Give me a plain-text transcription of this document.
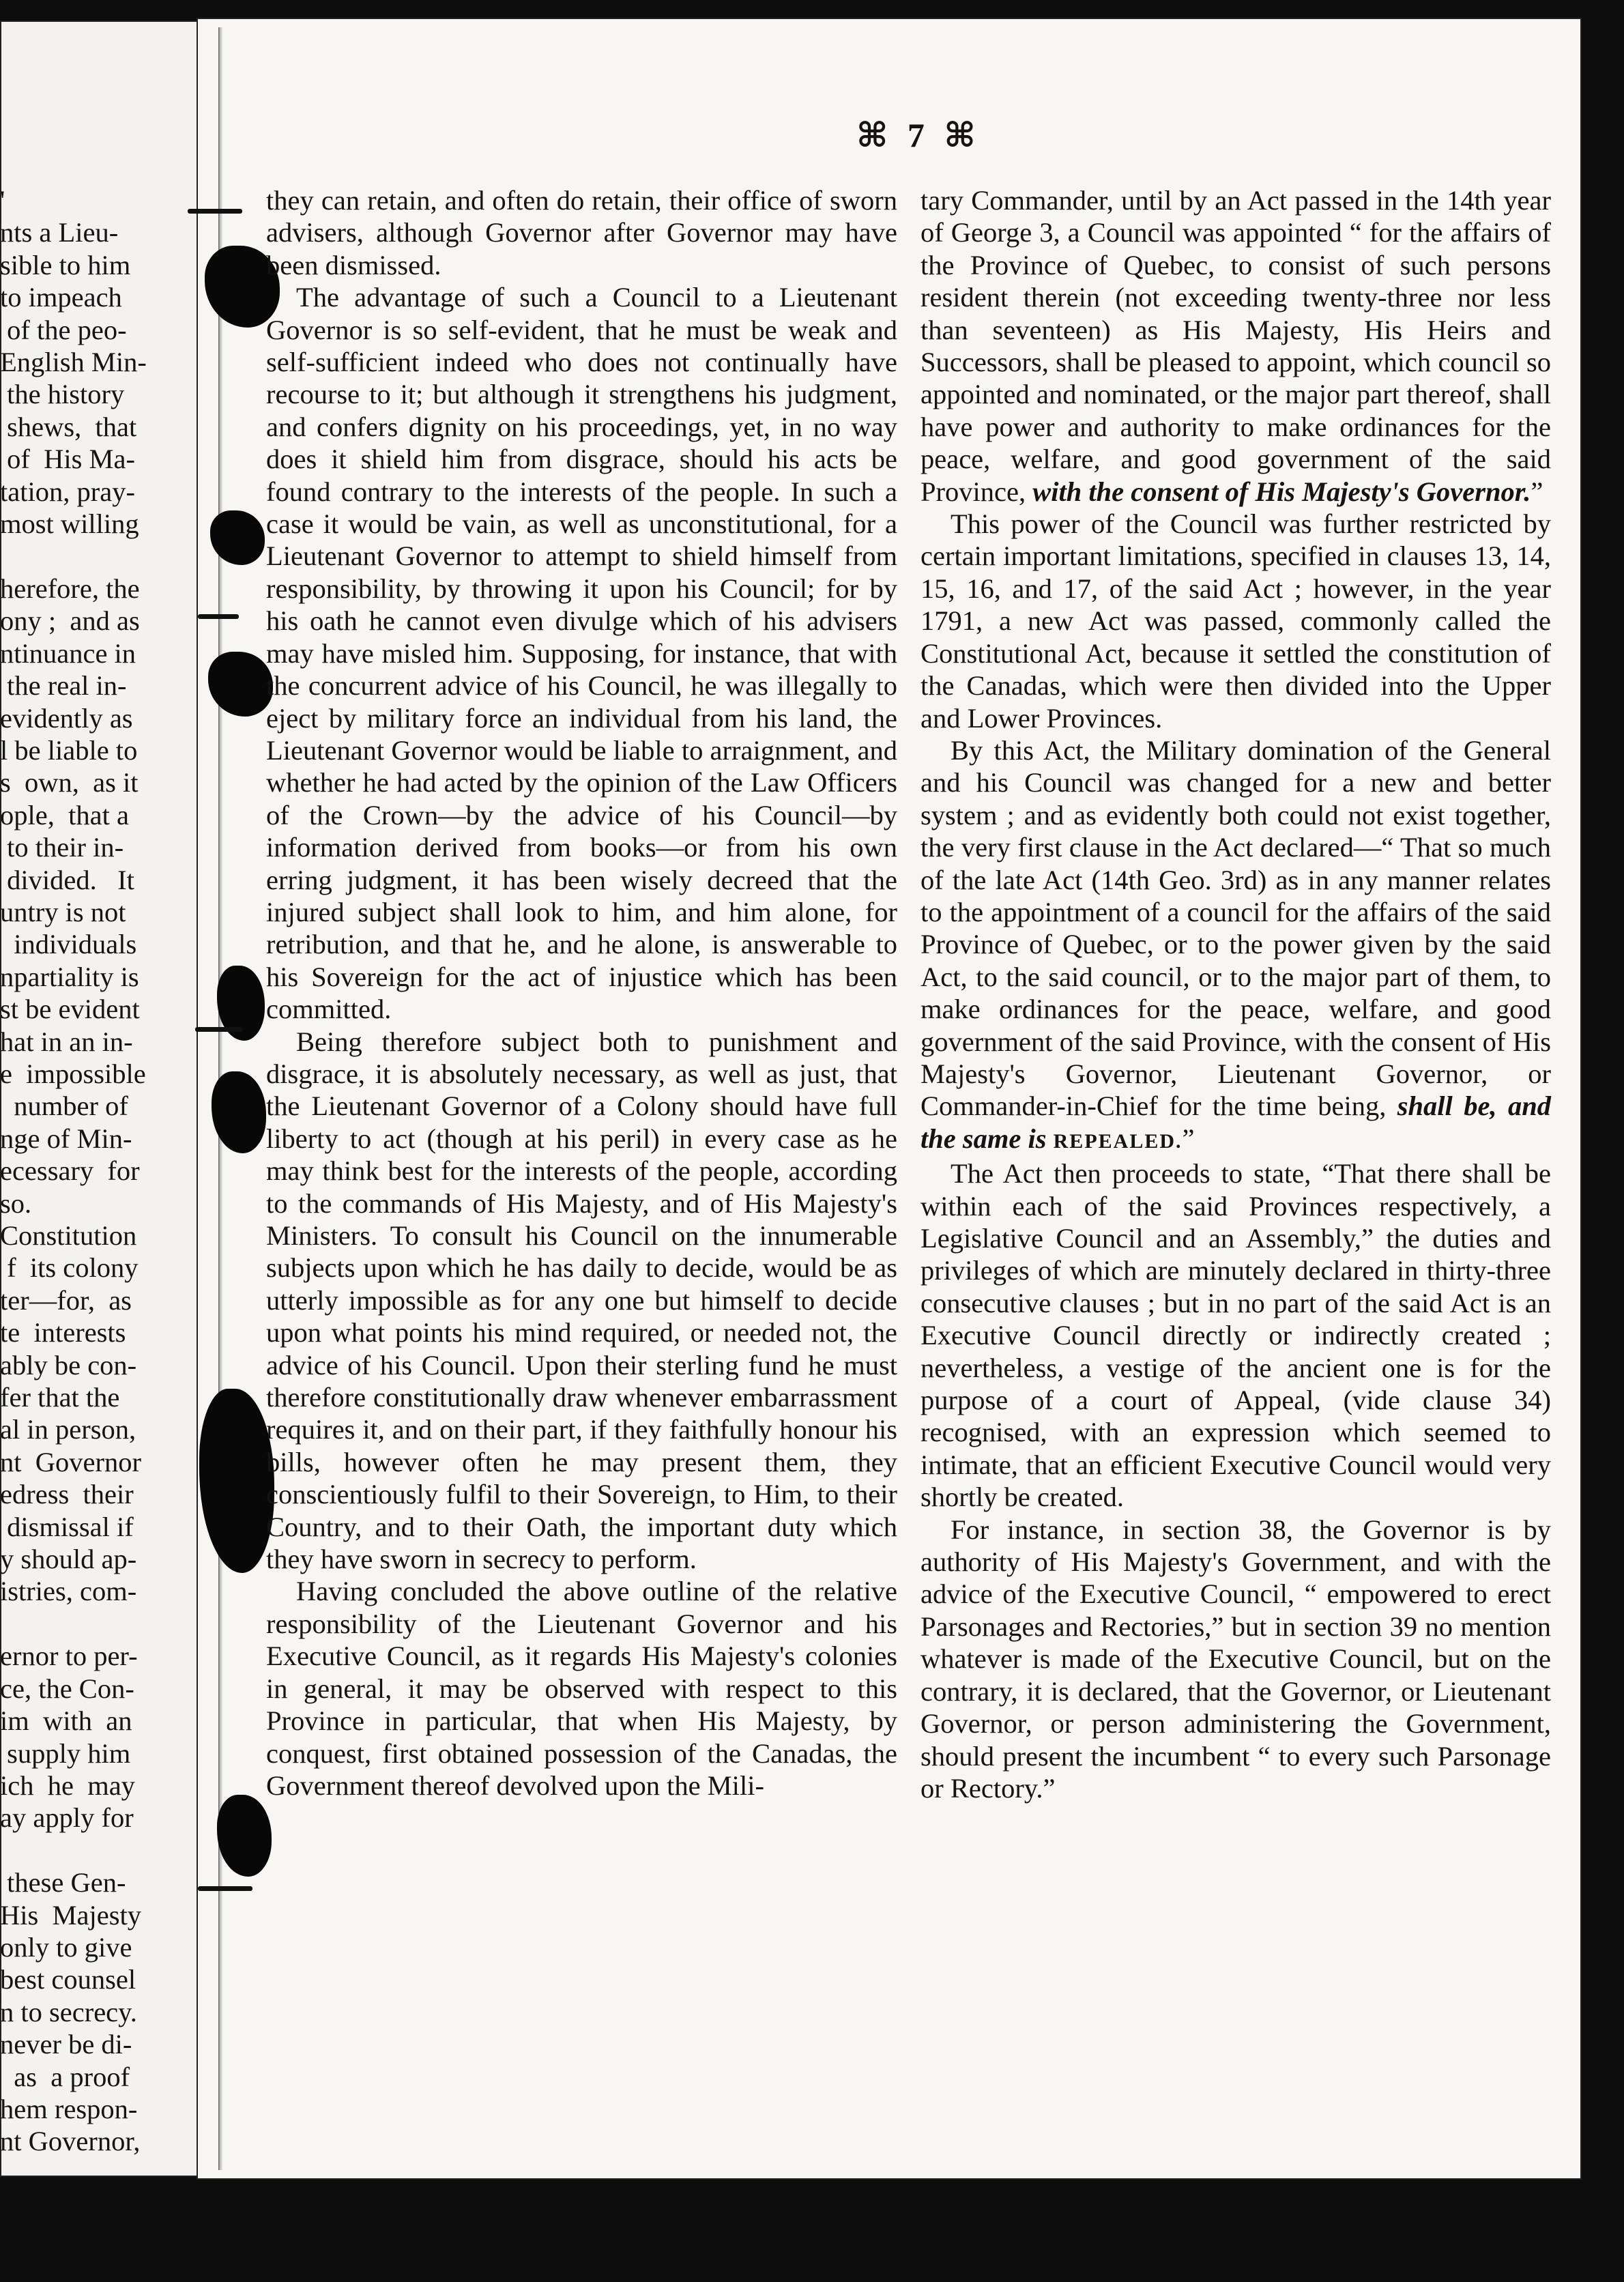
⌘ 7 ⌘
'
nts a Lieu-
sible to him
to impeach
of the peo-
English Min-
the history
shews,  that
of  His Ma-
tation, pray-
most willing

herefore, the
ony ;  and as
ntinuance in
the real in-
evidently as
l be liable to
s  own,  as it
ople,  that a
to their in-
divided.   It
untry is not
individuals
npartiality is
st be evident
hat in an in-
e  impossible
number of
nge of Min-
ecessary  for
so.
Constitution
f  its colony
ter—for,  as
te  interests
ably be con-
fer that the
al in person,
nt  Governor
edress  their
dismissal if
y should ap-
istries, com-

ernor to per-
ce, the Con-
im  with  an
supply him
ich  he  may
ay apply for

these Gen-
His  Majesty
only to give
best counsel
n to secrecy.
never be di-
as  a proof
hem respon-
nt Governor,

they can retain, and often do retain, their office of sworn advisers, although Governor after Governor may have been dismissed.

The advantage of such a Council to a Lieutenant Governor is so self-evident, that he must be weak and self-sufficient indeed who does not continually have recourse to it; but although it strengthens his judgment, and confers dignity on his proceedings, yet, in no way does it shield him from disgrace, should his acts be found contrary to the interests of the people. In such a case it would be vain, as well as unconstitutional, for a Lieutenant Governor to attempt to shield himself from responsibility, by throwing it upon his Council; for by his oath he cannot even divulge which of his advisers may have misled him. Supposing, for instance, that with the concurrent advice of his Council, he was illegally to eject by military force an individual from his land, the Lieutenant Governor would be liable to arraignment, and whether he had acted by the opinion of the Law Officers of the Crown—by the advice of his Council—by information derived from books—or from his own erring judgment, it has been wisely decreed that the injured subject shall look to him, and him alone, for retribution, and that he, and he alone, is answerable to his Sovereign for the act of injustice which has been committed.

Being therefore subject both to punishment and disgrace, it is absolutely necessary, as well as just, that the Lieutenant Governor of a Colony should have full liberty to act (though at his peril) in every case as he may think best for the interests of the people, according to the commands of His Majesty, and of His Majesty's Ministers. To consult his Council on the innumerable subjects upon which he has daily to decide, would be as utterly impossible as for any one but himself to decide upon what points his mind required, or needed not, the advice of his Council. Upon their sterling fund he must therefore constitutionally draw whenever embarrassment requires it, and on their part, if they faithfully honour his bills, however often he may present them, they conscientiously fulfil to their Sovereign, to Him, to their Country, and to their Oath, the important duty which they have sworn in secrecy to perform.

Having concluded the above outline of the relative responsibility of the Lieutenant Governor and his Executive Council, as it regards His Majesty's colonies in general, it may be observed with respect to this Province in particular, that when His Majesty, by conquest, first obtained possession of the Canadas, the Government thereof devolved upon the Mili-

tary Commander, until by an Act passed in the 14th year of George 3, a Council was appointed “ for the affairs of the Province of Quebec, to consist of such persons resident therein (not exceeding twenty-three nor less than seventeen) as His Majesty, His Heirs and Successors, shall be pleased to appoint, which council so appointed and nominated, or the major part thereof, shall have power and authority to make ordinances for the peace, welfare, and good government of the said Province, with the consent of His Majesty's Governor.”

This power of the Council was further restricted by certain important limitations, specified in clauses 13, 14, 15, 16, and 17, of the said Act ; however, in the year 1791, a new Act was passed, commonly called the Constitutional Act, because it settled the constitution of the Canadas, which were then divided into the Upper and Lower Provinces.

By this Act, the Military domination of the General and his Council was changed for a new and better system ; and as evidently both could not exist together, the very first clause in the Act declared—“ That so much of the late Act (14th Geo. 3rd) as in any manner relates to the appointment of a council for the affairs of the said Province of Quebec, or to the power given by the said Act, to the said council, or to the major part of them, to make ordinances for the peace, welfare, and good government of the said Province, with the consent of His Majesty's Governor, Lieutenant Governor, or Commander-in-Chief for the time being, shall be, and the same is REPEALED.”

The Act then proceeds to state, “That there shall be within each of the said Provinces respectively, a Legislative Council and an Assembly,” the duties and privileges of which are minutely declared in thirty-three consecutive clauses ; but in no part of the said Act is an Executive Council directly or indirectly created ; nevertheless, a vestige of the ancient one is for the purpose of a court of Appeal, (vide clause 34) recognised, with an expression which seemed to intimate, that an efficient Executive Council would very shortly be created.

For instance, in section 38, the Governor is by authority of His Majesty's Government, and with the advice of the Executive Council, “ empowered to erect Parsonages and Rectories,” but in section 39 no mention whatever is made of the Executive Council, but on the contrary, it is declared, that the Governor, or Lieutenant Governor, or person administering the Government, should present the incumbent “ to every such Parsonage or Rectory.”
